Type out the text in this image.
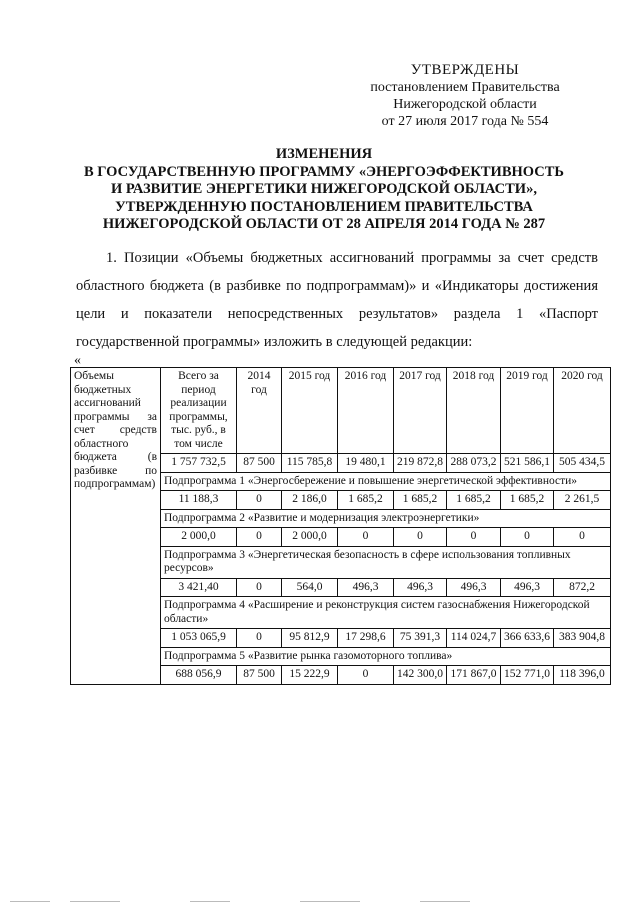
УТВЕРЖДЕНЫ
постановлением Правительства
Нижегородской области
от 27 июля 2017 года № 554
ИЗМЕНЕНИЯ
В ГОСУДАРСТВЕННУЮ ПРОГРАММУ «ЭНЕРГОЭФФЕКТИВНОСТЬ
И РАЗВИТИЕ ЭНЕРГЕТИКИ НИЖЕГОРОДСКОЙ ОБЛАСТИ»,
УТВЕРЖДЕННУЮ ПОСТАНОВЛЕНИЕМ ПРАВИТЕЛЬСТВА
НИЖЕГОРОДСКОЙ ОБЛАСТИ ОТ 28 АПРЕЛЯ 2014 ГОДА № 287
1. Позиции «Объемы бюджетных ассигнований программы за счет средств областного бюджета (в разбивке по подпрограммам)» и «Индикаторы достижения цели и показатели непосредственных результатов» раздела 1 «Паспорт государственной программы» изложить в следующей редакции:
«
Объемы бюджетных ассигнований программы за счет средств областного бюджета (в разбивке по подпрограммам)	Всего за период реализации программы, тыс. руб., в том числе	2014 год	2015 год	2016 год	2017 год	2018 год	2019 год	2020 год
	1 757 732,5	87 500	115 785,8	19 480,1	219 872,8	288 073,2	521 586,1	505 434,5
	Подпрограмма 1 «Энергосбережение и повышение энергетической эффективности»							
	11 188,3	0	2 186,0	1 685,2	1 685,2	1 685,2	1 685,2	2 261,5
	Подпрограмма 2 «Развитие и модернизация электроэнергетики»							
	2 000,0	0	2 000,0	0	0	0	0	0
	Подпрограмма 3 «Энергетическая безопасность в сфере использования топливных ресурсов»							
	3 421,40	0	564,0	496,3	496,3	496,3	496,3	872,2
	Подпрограмма 4 «Расширение и реконструкция систем газоснабжения Нижегородской области»							
	1 053 065,9	0	95 812,9	17 298,6	75 391,3	114 024,7	366 633,6	383 904,8
	Подпрограмма 5 «Развитие рынка газомоторного топлива»							
	688 056,9	87 500	15 222,9	0	142 300,0	171 867,0	152 771,0	118 396,0
